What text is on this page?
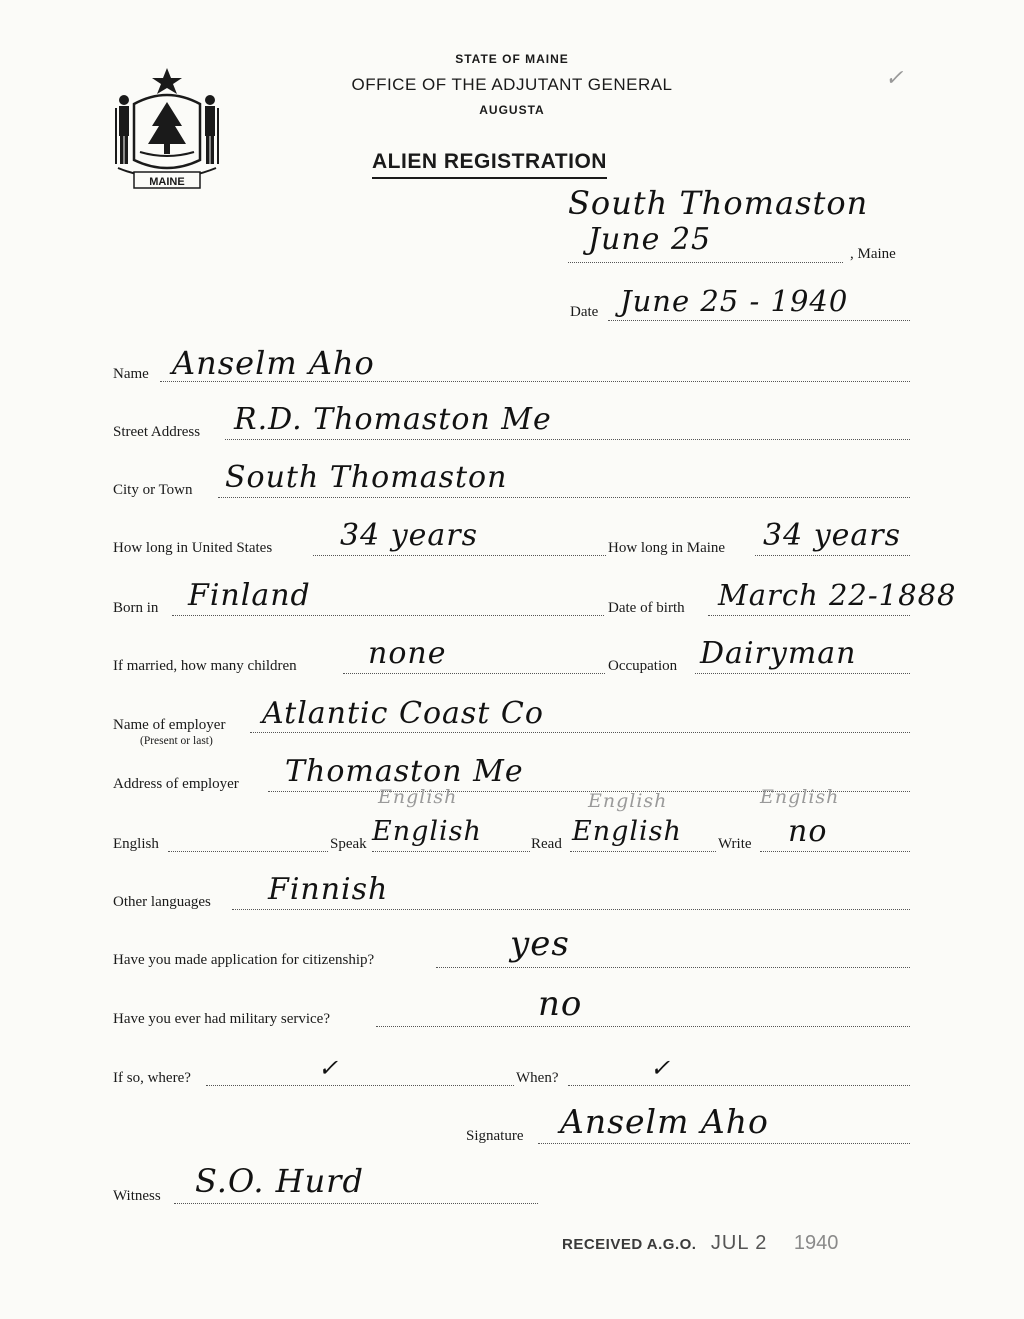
MAINE
STATE OF MAINE
OFFICE OF THE ADJUTANT GENERAL
AUGUSTA
ALIEN REGISTRATION
✓
South Thomaston
June 25	, Maine
Date June 25 - 1940
Name Anselm Aho
Street Address R.D. Thomaston Me
City or Town South Thomaston
How long in United States 34 years	How long in Maine 34 years
Born in Finland	Date of birth March 22-1888
If married, how many children none	Occupation Dairyman
Name of employer
(Present or last)
Atlantic Coast Co
Address of employer Thomaston Me
English	English	English
English	Speak English	Read English Write no
Other languages Finnish
Have you made application for citizenship?	yes
Have you ever had military service?	no
If so, where?	✓	When?	✓
Signature Anselm Aho
Witness S.O. Hurd
RECEIVED A.G.O. JUL 2 1940
